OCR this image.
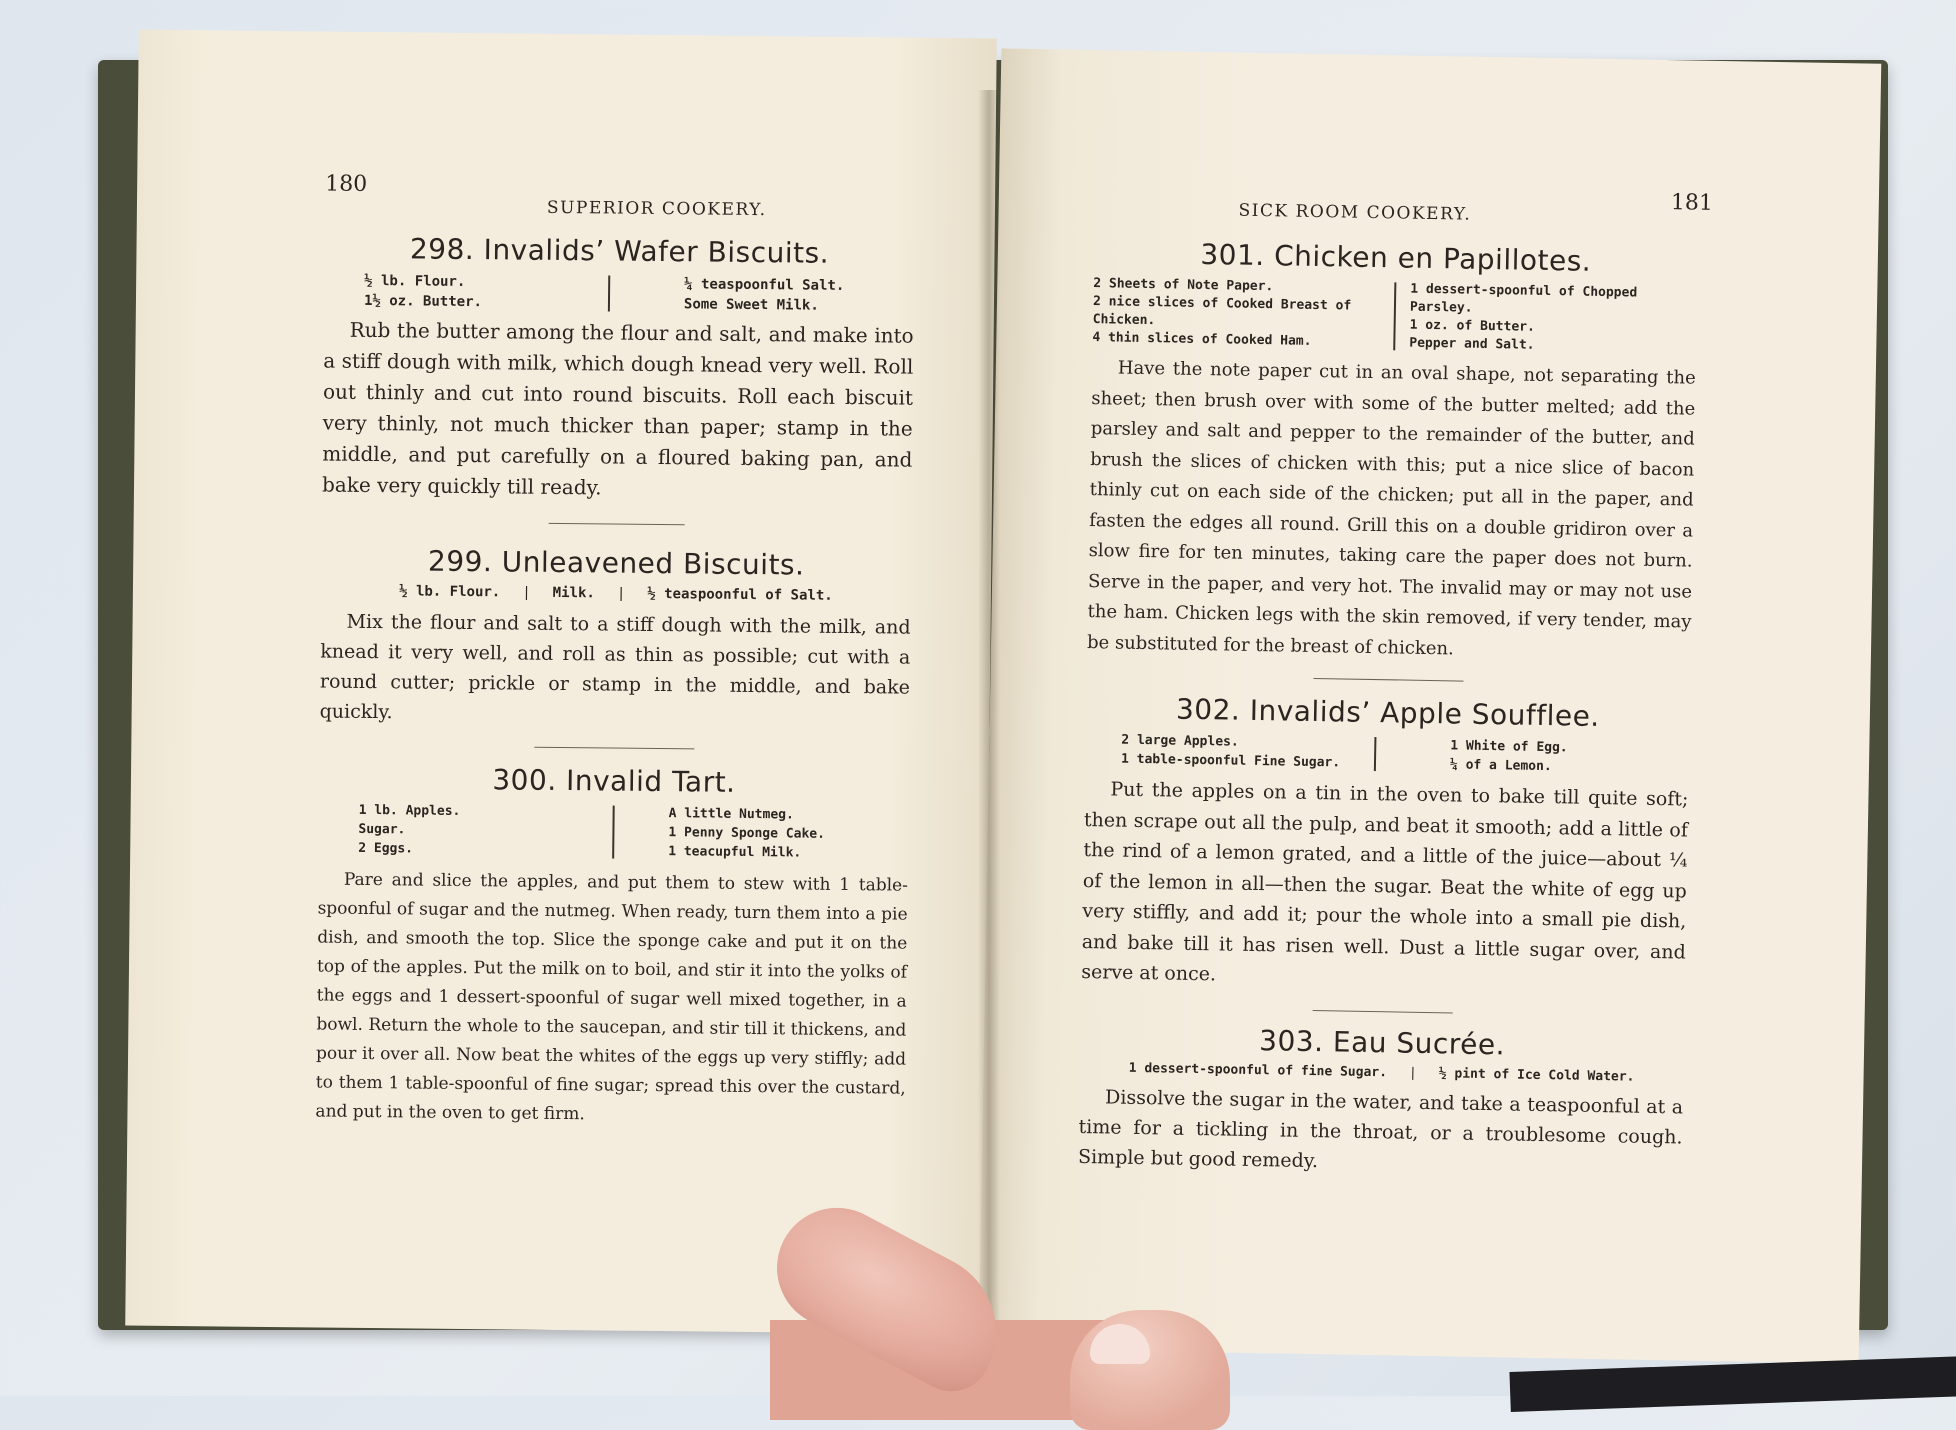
180
SUPERIOR COOKERY.
298. Invalids’ Wafer Biscuits.
½ lb. Flour.
1½ oz. Butter.
¼ teaspoonful Salt.
Some Sweet Milk.

Rub the butter among the flour and salt, and make into a stiff dough with milk, which dough knead very well. Roll out thinly and cut into round biscuits. Roll each biscuit very thinly, not much thicker than paper; stamp in the middle, and put carefully on a floured baking pan, and bake very quickly till ready.

299. Unleavened Biscuits.
½ lb. Flour. | Milk. | ½ teaspoonful of Salt.

Mix the flour and salt to a stiff dough with the milk, and knead it very well, and roll as thin as possible; cut with a round cutter; prickle or stamp in the middle, and bake quickly.

300. Invalid Tart.
1 lb. Apples.
Sugar.
2 Eggs.
A little Nutmeg.
1 Penny Sponge Cake.
1 teacupful Milk.

Pare and slice the apples, and put them to stew with 1 table-spoonful of sugar and the nutmeg. When ready, turn them into a pie dish, and smooth the top. Slice the sponge cake and put it on the top of the apples. Put the milk on to boil, and stir it into the yolks of the eggs and 1 dessert-spoonful of sugar well mixed together, in a bowl. Return the whole to the saucepan, and stir till it thickens, and pour it over all. Now beat the whites of the eggs up very stiffly; add to them 1 table-spoonful of fine sugar; spread this over the custard, and put in the oven to get firm.

SICK ROOM COOKERY.	181
301. Chicken en Papillotes.
2 Sheets of Note Paper.
2 nice slices of Cooked Breast of Chicken.
4 thin slices of Cooked Ham.
1 dessert-spoonful of Chopped Parsley.
1 oz. of Butter.
Pepper and Salt.

Have the note paper cut in an oval shape, not separating the sheet; then brush over with some of the butter melted; add the parsley and salt and pepper to the remainder of the butter, and brush the slices of chicken with this; put a nice slice of bacon thinly cut on each side of the chicken; put all in the paper, and fasten the edges all round. Grill this on a double gridiron over a slow fire for ten minutes, taking care the paper does not burn. Serve in the paper, and very hot. The invalid may or may not use the ham. Chicken legs with the skin removed, if very tender, may be substituted for the breast of chicken.

302. Invalids’ Apple Soufflee.
2 large Apples.
1 table-spoonful Fine Sugar.
1 White of Egg.
¼ of a Lemon.

Put the apples on a tin in the oven to bake till quite soft; then scrape out all the pulp, and beat it smooth; add a little of the rind of a lemon grated, and a little of the juice—about ¼ of the lemon in all—then the sugar. Beat the white of egg up very stiffly, and add it; pour the whole into a small pie dish, and bake till it has risen well. Dust a little sugar over, and serve at once.

303. Eau Sucrée.
1 dessert-spoonful of fine Sugar. | ½ pint of Ice Cold Water.

Dissolve the sugar in the water, and take a teaspoonful at a time for a tickling in the throat, or a troublesome cough. Simple but good remedy.
